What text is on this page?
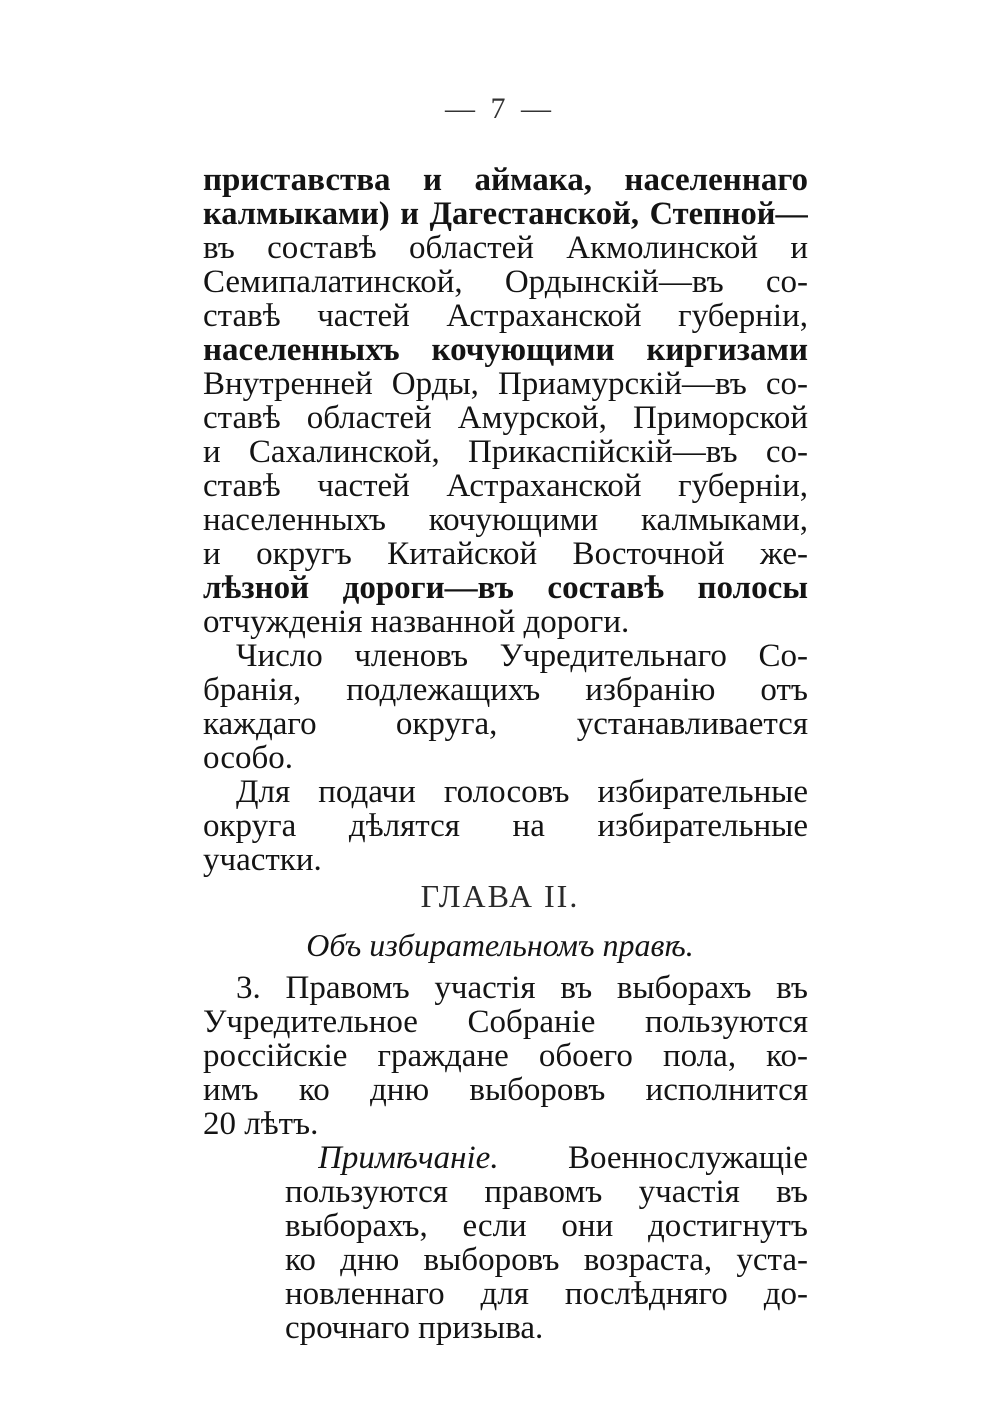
— 7 —
приставства и аймака, населеннаго
калмыками) и Дагестанской, Степной—
въ составѣ областей Акмолинской и
Семипалатинской, Ордынскій—въ со-
ставѣ частей Астраханской губерніи,
населенныхъ кочующими киргизами
Внутренней Орды, Приамурскій—въ со-
ставѣ областей Амурской, Приморской
и Сахалинской, Прикаспійскій—въ со-
ставѣ частей Астраханской губерніи,
населенныхъ кочующими калмыками,
и округъ Китайской Восточной же-
лѣзной дороги—въ составѣ полосы
отчужденія названной дороги.
Число членовъ Учредительнаго Со-
бранія, подлежащихъ избранію отъ
каждаго округа, устанавливается
особо.
Для подачи голосовъ избирательные
округа дѣлятся на избирательные
участки.
ГЛАВА II.
Объ избирательномъ правѣ.
3. Правомъ участія въ выборахъ въ
Учредительное Собраніе пользуются
россійскіе граждане обоего пола, ко-
имъ ко дню выборовъ исполнится
20 лѣтъ.
Примѣчаніе. Военнослужащіе
пользуются правомъ участія въ
выборахъ, если они достигнутъ
ко дню выборовъ возраста, уста-
новленнаго для послѣдняго до-
срочнаго призыва.
